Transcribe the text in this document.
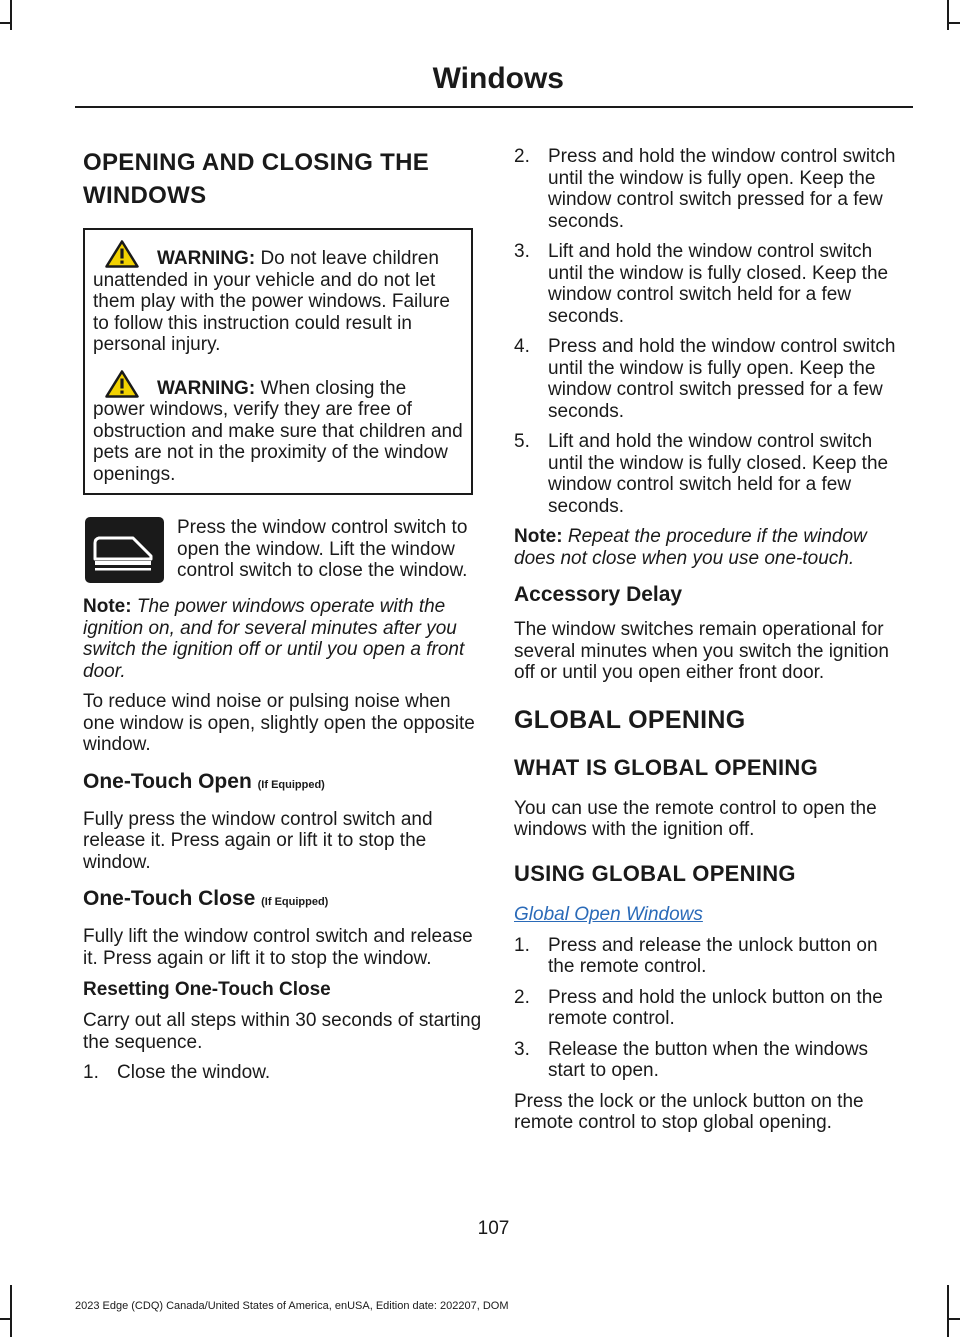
Windows
OPENING AND CLOSING THE WINDOWS

WARNING: Do not leave children unattended in your vehicle and do not let them play with the power windows. Failure to follow this instruction could result in personal injury.

WARNING: When closing the power windows, verify they are free of obstruction and make sure that children and pets are not in the proximity of the window openings.

Press the window control switch to open the window. Lift the window control switch to close the window.

Note: The power windows operate with the ignition on, and for several minutes after you switch the ignition off or until you open a front door.

To reduce wind noise or pulsing noise when one window is open, slightly open the opposite window.

One-Touch Open (If Equipped)

Fully press the window control switch and release it. Press again or lift it to stop the window.

One-Touch Close (If Equipped)

Fully lift the window control switch and release it. Press again or lift it to stop the window.

Resetting One-Touch Close

Carry out all steps within 30 seconds of starting the sequence.

1. Close the window.
2. Press and hold the window control switch until the window is fully open. Keep the window control switch pressed for a few seconds.
3. Lift and hold the window control switch until the window is fully closed. Keep the window control switch held for a few seconds.
4. Press and hold the window control switch until the window is fully open. Keep the window control switch pressed for a few seconds.
5. Lift and hold the window control switch until the window is fully closed. Keep the window control switch held for a few seconds.

Note: Repeat the procedure if the window does not close when you use one-touch.

Accessory Delay

The window switches remain operational for several minutes when you switch the ignition off or until you open either front door.

GLOBAL OPENING
WHAT IS GLOBAL OPENING

You can use the remote control to open the windows with the ignition off.

USING GLOBAL OPENING
Global Open Windows
1. Press and release the unlock button on the remote control.
2. Press and hold the unlock button on the remote control.
3. Release the button when the windows start to open.

Press the lock or the unlock button on the remote control to stop global opening.

107
2023 Edge (CDQ) Canada/United States of America, enUSA, Edition date: 202207, DOM
